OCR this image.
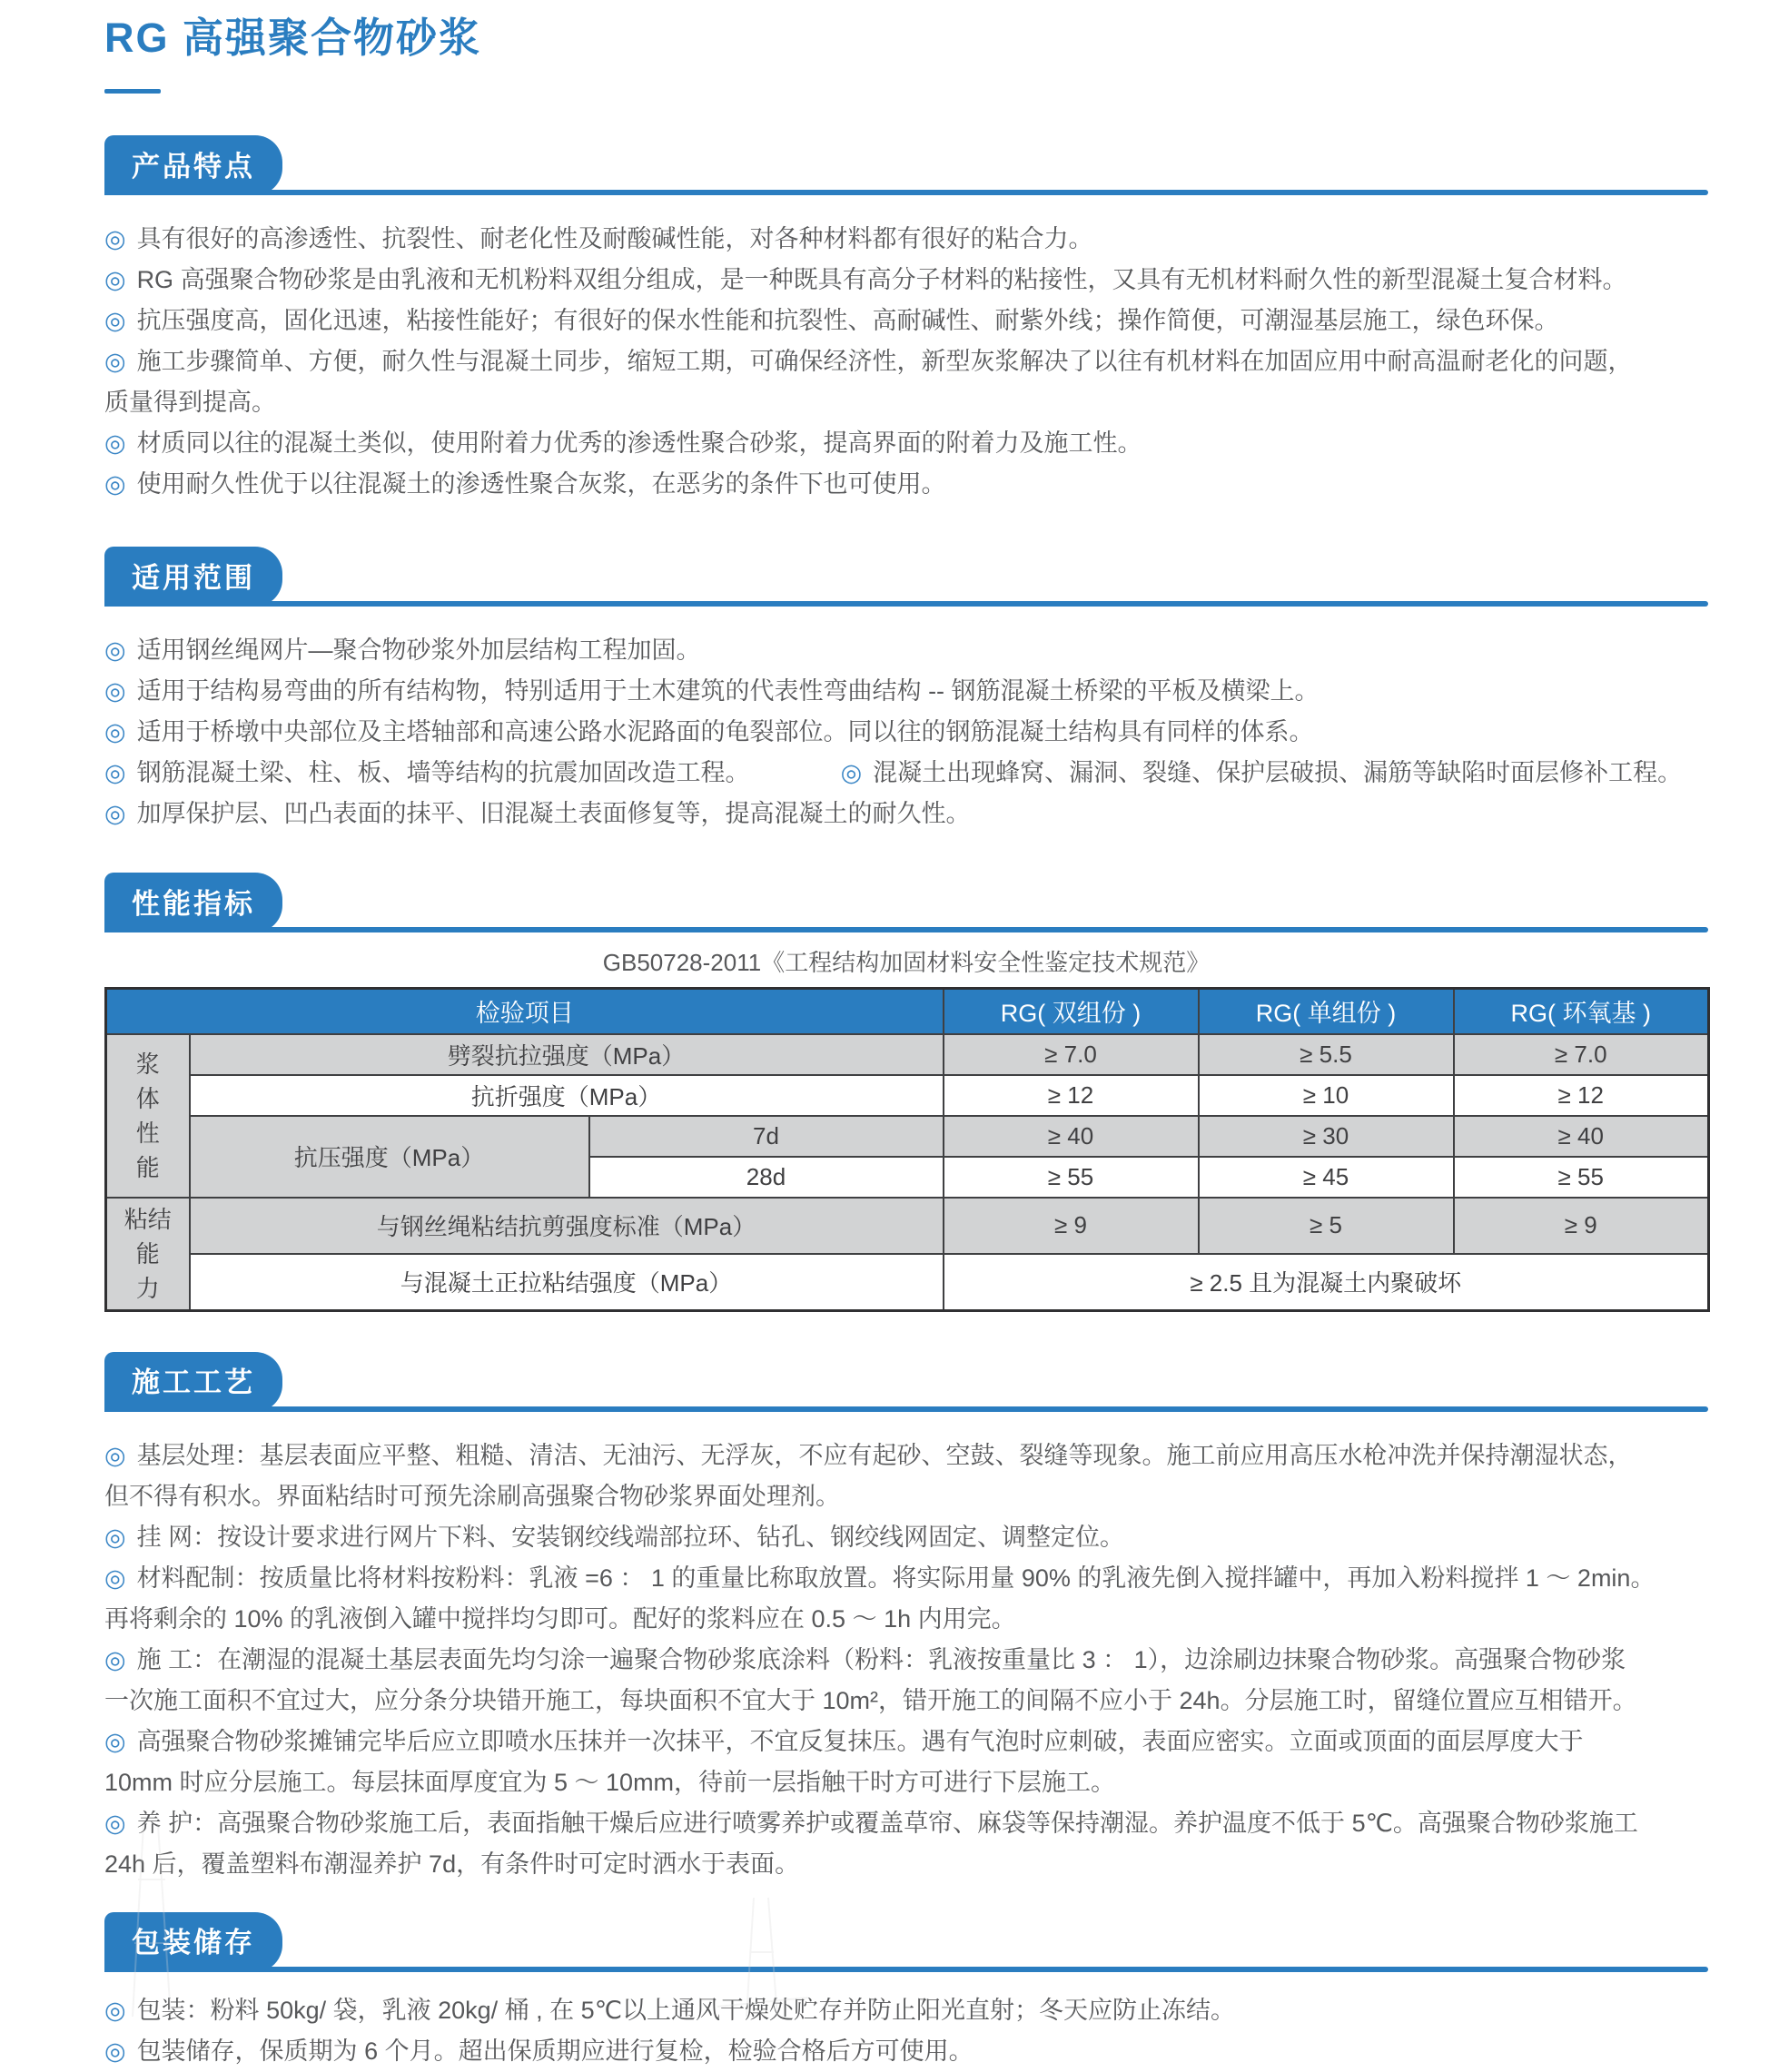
RG 高强聚合物砂浆
产品特点
◎ 具有很好的高渗透性、抗裂性、耐老化性及耐酸碱性能，对各种材料都有很好的粘合力。
◎ RG 高强聚合物砂浆是由乳液和无机粉料双组分组成，是一种既具有高分子材料的粘接性，又具有无机材料耐久性的新型混凝土复合材料。
◎ 抗压强度高，固化迅速，粘接性能好；有很好的保水性能和抗裂性、高耐碱性、耐紫外线；操作简便，可潮湿基层施工，绿色环保。
◎ 施工步骤简单、方便，耐久性与混凝土同步，缩短工期，可确保经济性，新型灰浆解决了以往有机材料在加固应用中耐高温耐老化的问题，
质量得到提高。
◎ 材质同以往的混凝土类似，使用附着力优秀的渗透性聚合砂浆，提高界面的附着力及施工性。
◎ 使用耐久性优于以往混凝土的渗透性聚合灰浆，在恶劣的条件下也可使用。
适用范围
◎ 适用钢丝绳网片—聚合物砂浆外加层结构工程加固。
◎ 适用于结构易弯曲的所有结构物，特别适用于土木建筑的代表性弯曲结构 -- 钢筋混凝土桥梁的平板及横梁上。
◎ 适用于桥墩中央部位及主塔轴部和高速公路水泥路面的龟裂部位。同以往的钢筋混凝土结构具有同样的体系。
◎ 钢筋混凝土梁、柱、板、墙等结构的抗震加固改造工程。	◎ 混凝土出现蜂窝、漏洞、裂缝、保护层破损、漏筋等缺陷时面层修补工程。
◎ 加厚保护层、凹凸表面的抹平、旧混凝土表面修复等，提高混凝土的耐久性。
性能指标
GB50728-2011《工程结构加固材料安全性鉴定技术规范》
检验项目			RG( 双组份 )	RG( 单组份 )	RG( 环氧基 )

浆
体
性
能	劈裂抗拉强度（MPa）		≥ 7.0	≥ 5.5	≥ 7.0
	抗折强度（MPa）		≥ 12	≥ 10	≥ 12
	抗压强度（MPa）	7d	≥ 40	≥ 30	≥ 40
		28d	≥ 55	≥ 45	≥ 55

粘结能
力	与钢丝绳粘结抗剪强度标准（MPa）		≥ 9	≥ 5	≥ 9
	与混凝土正拉粘结强度（MPa）		≥ 2.5 且为混凝土内聚破坏		
施工工艺
◎ 基层处理：基层表面应平整、粗糙、清洁、无油污、无浮灰，不应有起砂、空鼓、裂缝等现象。施工前应用高压水枪冲洗并保持潮湿状态，
但不得有积水。界面粘结时可预先涂刷高强聚合物砂浆界面处理剂。
◎ 挂 网：按设计要求进行网片下料、安装钢绞线端部拉环、钻孔、钢绞线网固定、调整定位。
◎ 材料配制：按质量比将材料按粉料：乳液 =6 ： 1 的重量比称取放置。将实际用量 90% 的乳液先倒入搅拌罐中，再加入粉料搅拌 1 ～ 2min。
再将剩余的 10% 的乳液倒入罐中搅拌均匀即可。配好的浆料应在 0.5 ～ 1h 内用完。
◎ 施 工：在潮湿的混凝土基层表面先均匀涂一遍聚合物砂浆底涂料（粉料：乳液按重量比 3 ： 1），边涂刷边抹聚合物砂浆。高强聚合物砂浆
一次施工面积不宜过大，应分条分块错开施工，每块面积不宜大于 10m²，错开施工的间隔不应小于 24h。分层施工时，留缝位置应互相错开。
◎ 高强聚合物砂浆摊铺完毕后应立即喷水压抹并一次抹平，不宜反复抹压。遇有气泡时应刺破，表面应密实。立面或顶面的面层厚度大于
10mm 时应分层施工。每层抹面厚度宜为 5 ～ 10mm，待前一层指触干时方可进行下层施工。
◎ 养 护：高强聚合物砂浆施工后，表面指触干燥后应进行喷雾养护或覆盖草帘、麻袋等保持潮湿。养护温度不低于 5℃。高强聚合物砂浆施工
24h 后，覆盖塑料布潮湿养护 7d，有条件时可定时洒水于表面。
包装储存
◎ 包装：粉料 50kg/ 袋，乳液 20kg/ 桶 , 在 5℃以上通风干燥处贮存并防止阳光直射；冬天应防止冻结。
◎ 包装储存，保质期为 6 个月。超出保质期应进行复检，检验合格后方可使用。
